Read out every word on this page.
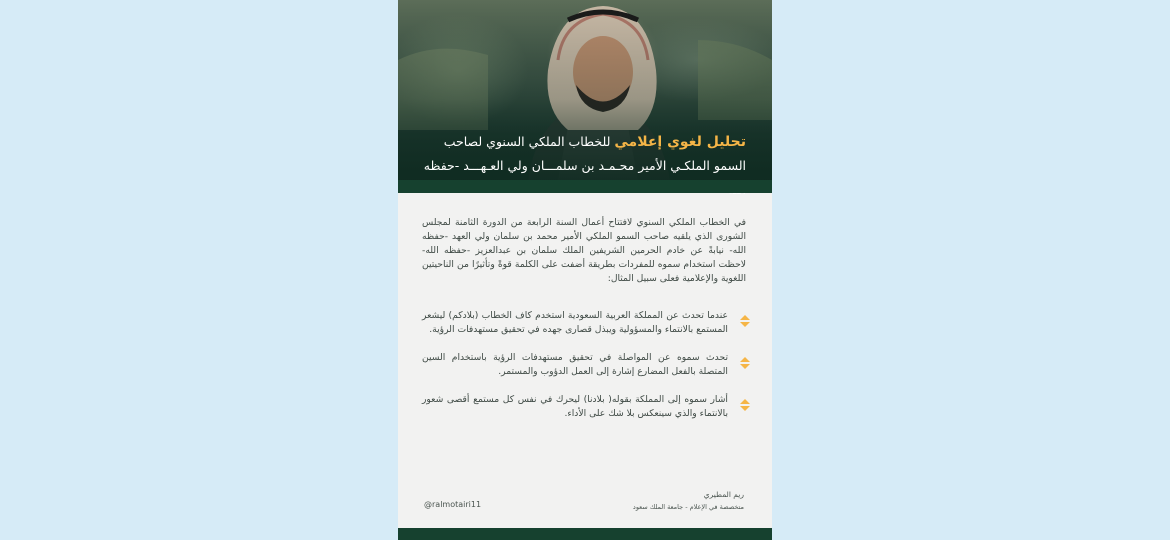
تحليل لغوي إعلامي للخطاب الملكي السنوي لصاحب السمو الملكـي الأمير محـمـد بن سلمـــان ولي العـهـــد -حفظه
في الخطاب الملكي السنوي لافتتاح أعمال السنة الرابعة من الدورة الثامنة لمجلس الشورى الذي يلقيه صاحب السمو الملكي الأمير محمد بن سلمان ولي العهد -حفظه الله- نيابةً عن خادم الحرمين الشريفين الملك سلمان بن عبدالعزيز -حفظه الله- لاحظت استخدام سموه للمفردات بطريقة أضفت على الكلمة قوةً وتأثيرًا من الناحيتين اللغوية والإعلامية فعلى سبيل المثال:
عندما تحدث عن المملكة العربية السعودية استخدم كاف الخطاب (بلادكم) ليشعر المستمع بالانتماء والمسؤولية ويبذل قصارى جهده في تحقيق مستهدفات الرؤية.
تحدث سموه عن المواصلة في تحقيق مستهدفات الرؤية باستخدام السين المتصلة بالفعل المضارع إشارة إلى العمل الدؤوب والمستمر.
أشار سموه إلى المملكة بقوله( بلادنا) ليحرك في نفس كل مستمع أقصى شعور بالانتماء والذي سينعكس بلا شك على الأداء.
ريم المطيري
متخصصة في الإعلام - جامعة الملك سعود
@ralmotairi11
